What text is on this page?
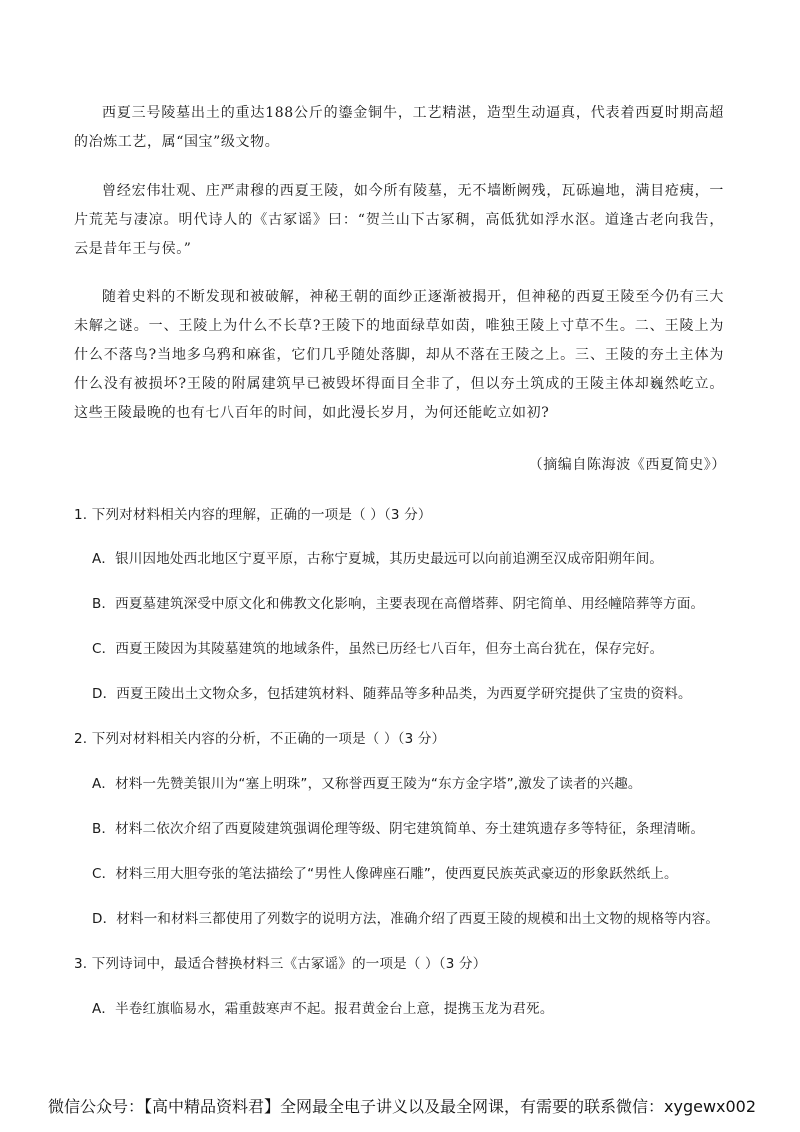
西夏三号陵墓出土的重达188公斤的鎏金铜牛，工艺精湛，造型生动逼真，代表着西夏时期高超的冶炼工艺，属“国宝”级文物。

曾经宏伟壮观、庄严肃穆的西夏王陵，如今所有陵墓，无不墙断阙残，瓦砾遍地，满目疮痍，一片荒芜与凄凉。明代诗人的《古冢谣》曰：“贺兰山下古冢稠，高低犹如浮水沤。道逢古老向我告，云是昔年王与侯。”

随着史料的不断发现和被破解，神秘王朝的面纱正逐渐被揭开，但神秘的西夏王陵至今仍有三大未解之谜。一、王陵上为什么不长草?王陵下的地面绿草如茵，唯独王陵上寸草不生。二、王陵上为什么不落鸟?当地多乌鸦和麻雀，它们几乎随处落脚，却从不落在王陵之上。三、王陵的夯土主体为什么没有被损坏?王陵的附属建筑早已被毁坏得面目全非了，但以夯土筑成的王陵主体却巍然屹立。这些王陵最晚的也有七八百年的时间，如此漫长岁月，为何还能屹立如初?

（摘编自陈海波《西夏简史》）
1. 下列对材料相关内容的理解，正确的一项是（ ）（3 分）
A．银川因地处西北地区宁夏平原，古称宁夏城，其历史最远可以向前追溯至汉成帝阳朔年间。
B．西夏墓建筑深受中原文化和佛教文化影响，主要表现在高僧塔葬、阴宅简单、用经幢陪葬等方面。
C．西夏王陵因为其陵墓建筑的地域条件，虽然已历经七八百年，但夯土高台犹在，保存完好。
D．西夏王陵出土文物众多，包括建筑材料、随葬品等多种品类，为西夏学研究提供了宝贵的资料。
2. 下列对材料相关内容的分析，不正确的一项是（ ）（3 分）
A．材料一先赞美银川为“塞上明珠”，又称誉西夏王陵为“东方金字塔”,激发了读者的兴趣。
B．材料二依次介绍了西夏陵建筑强调伦理等级、阴宅建筑简单、夯土建筑遗存多等特征，条理清晰。
C．材料三用大胆夸张的笔法描绘了“男性人像碑座石雕”，使西夏民族英武豪迈的形象跃然纸上。
D．材料一和材料三都使用了列数字的说明方法，准确介绍了西夏王陵的规模和出土文物的规格等内容。
3. 下列诗词中，最适合替换材料三《古冢谣》的一项是（ ）（3 分）
A．半卷红旗临易水，霜重鼓寒声不起。报君黄金台上意，提携玉龙为君死。
微信公众号：【高中精品资料君】全网最全电子讲义以及最全网课，有需要的联系微信：xygewx002
